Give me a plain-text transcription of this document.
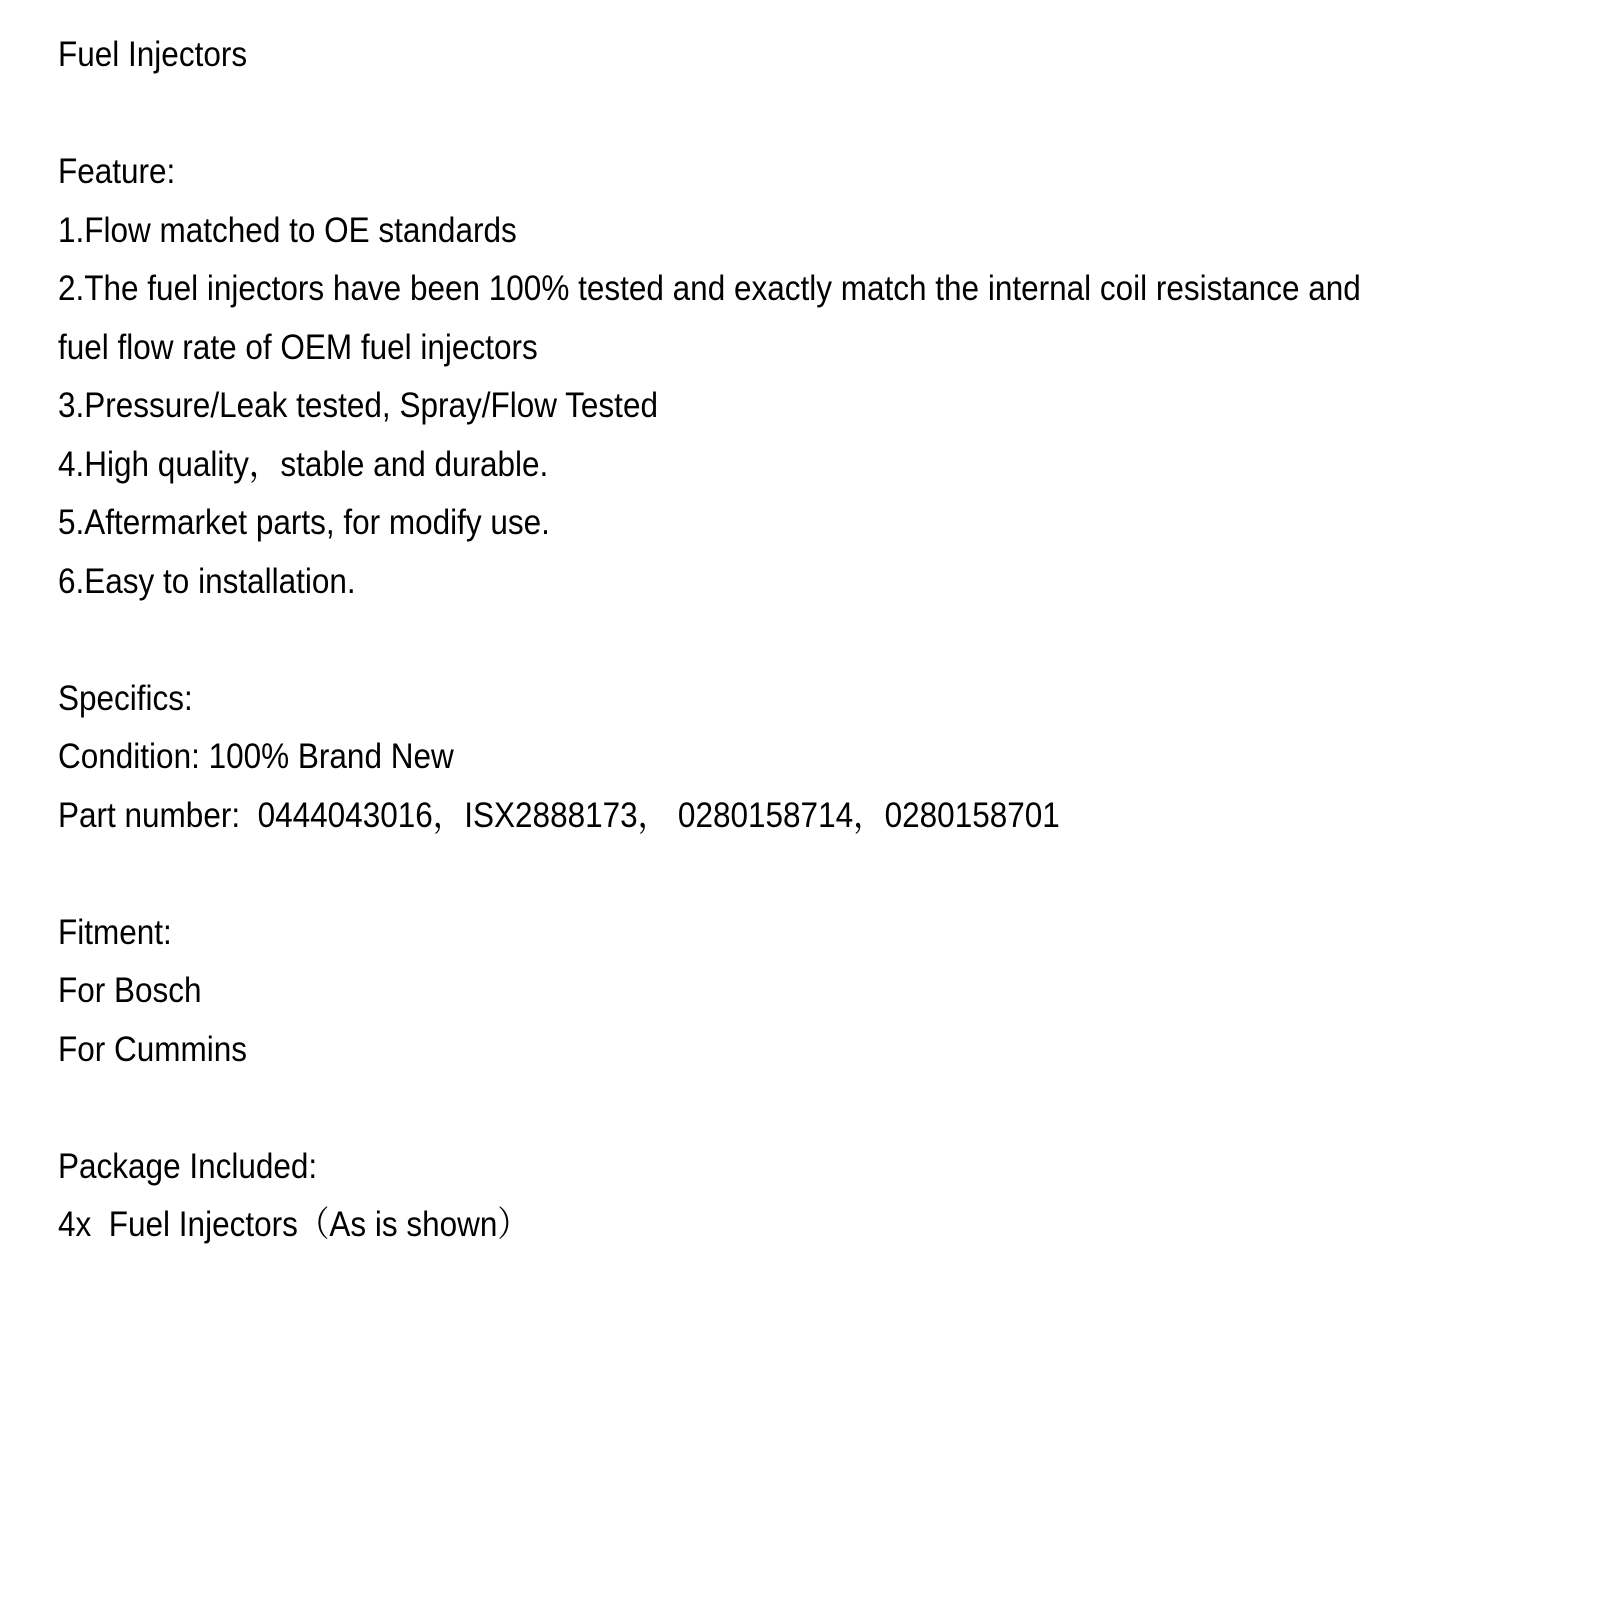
Fuel Injectors
Feature:
1.Flow matched to OE standards
2.The fuel injectors have been 100% tested and exactly match the internal coil resistance and
fuel flow rate of OEM fuel injectors
3.Pressure/Leak tested, Spray/Flow Tested
4.High quality，stable and durable.
5.Aftermarket parts, for modify use.
6.Easy to installation.
Specifics:
Condition: 100% Brand New
Part number:  0444043016，ISX2888173， 0280158714，0280158701
Fitment:
For Bosch
For Cummins
Package Included:
4x  Fuel Injectors（As is shown）
